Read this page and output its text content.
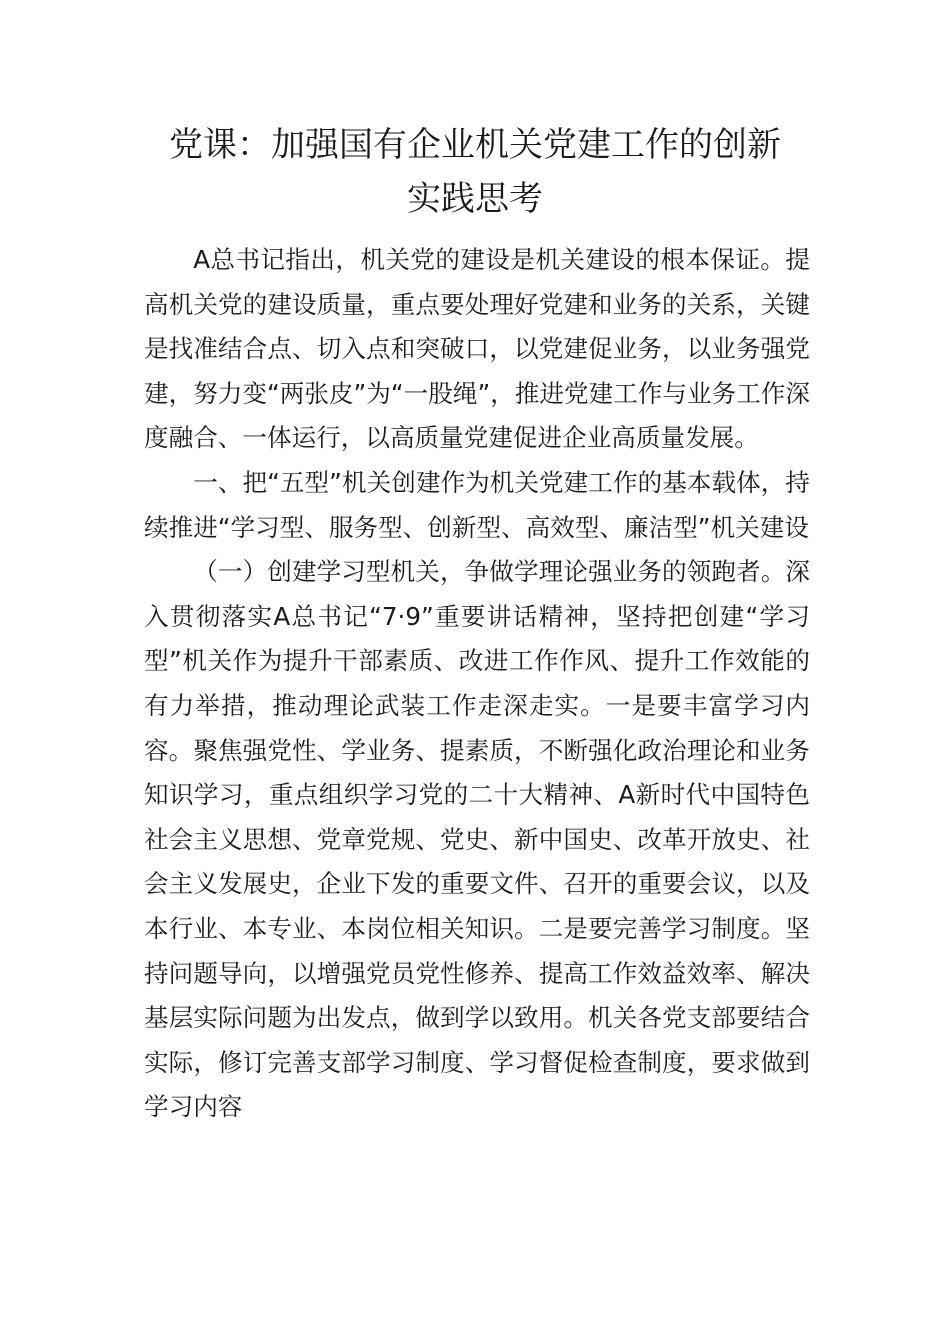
党课：加强国有企业机关党建工作的创新
实践思考

A总书记指出，机关党的建设是机关建设的根本保证。提高机关党的建设质量，重点要处理好党建和业务的关系，关键是找准结合点、切入点和突破口，以党建促业务，以业务强党建，努力变“两张皮”为“一股绳”，推进党建工作与业务工作深度融合、一体运行，以高质量党建促进企业高质量发展。

一、把“五型”机关创建作为机关党建工作的基本载体，持续推进“学习型、服务型、创新型、高效型、廉洁型”机关建设

（一）创建学习型机关，争做学理论强业务的领跑者。深入贯彻落实A总书记“7·9”重要讲话精神，坚持把创建“学习型”机关作为提升干部素质、改进工作作风、提升工作效能的有力举措，推动理论武装工作走深走实。一是要丰富学习内容。聚焦强党性、学业务、提素质，不断强化政治理论和业务知识学习，重点组织学习党的二十大精神、A新时代中国特色社会主义思想、党章党规、党史、新中国史、改革开放史、社会主义发展史，企业下发的重要文件、召开的重要会议，以及本行业、本专业、本岗位相关知识。二是要完善学习制度。坚持问题导向，以增强党员党性修养、提高工作效益效率、解决基层实际问题为出发点，做到学以致用。机关各党支部要结合实际，修订完善支部学习制度、学习督促检查制度，要求做到学习内容
